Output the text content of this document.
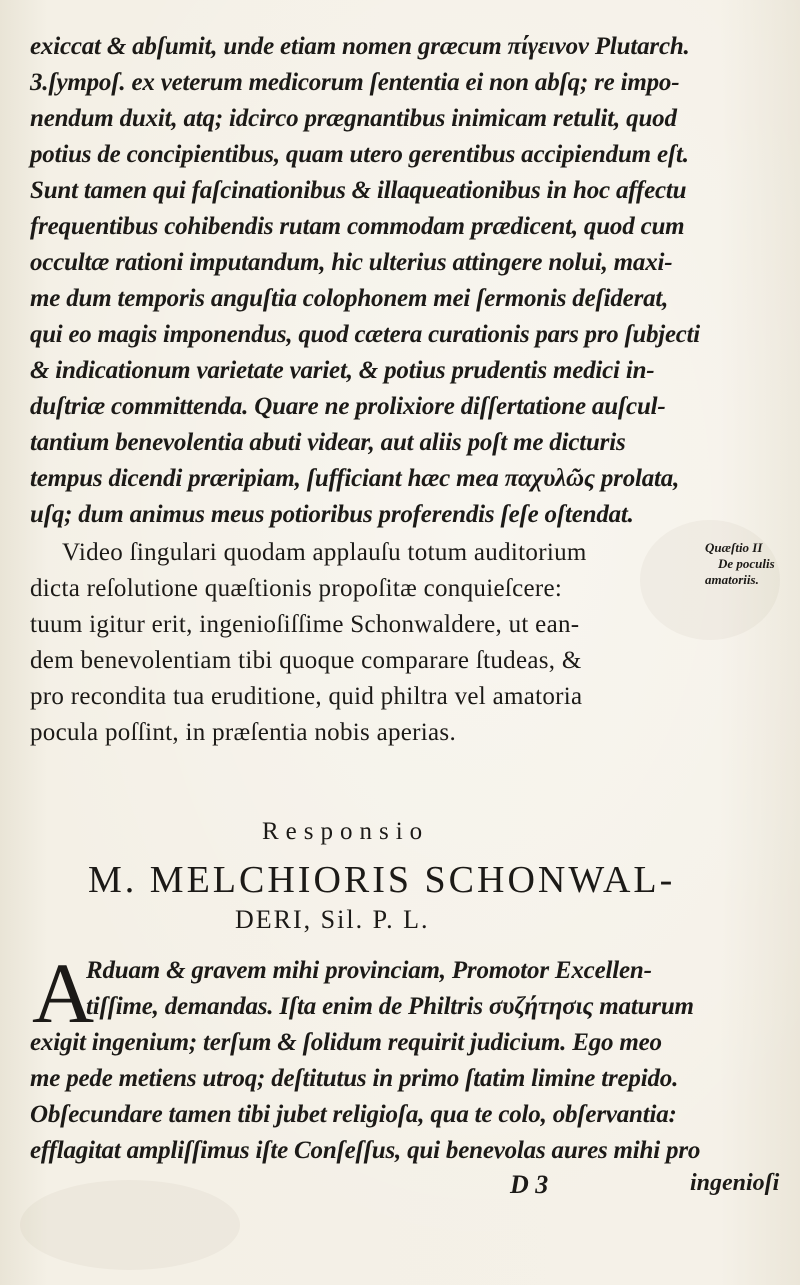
exiccat & abſumit, unde etiam nomen græcum πίγεινον Plutarch.
3.ſympoſ. ex veterum medicorum ſententia ei non abſq; re impo-
nendum duxit, atq; idcirco prægnantibus inimicam retulit, quod
potius de concipientibus, quam utero gerentibus accipiendum eſt.
Sunt tamen qui faſcinationibus & illaqueationibus in hoc affectu
frequentibus cohibendis rutam commodam prædicent, quod cum
occultæ rationi imputandum, hic ulterius attingere nolui, maxi-
me dum temporis anguſtia colophonem mei ſermonis deſiderat,
qui eo magis imponendus, quod cætera curationis pars pro ſubjecti
& indicationum varietate variet, & potius prudentis medici in-
duſtriæ committenda. Quare ne prolixiore diſſertatione auſcul-
tantium benevolentia abuti videar, aut aliis poſt me dicturis
tempus dicendi præripiam, ſufficiant hæc mea παχυλῶς prolata,
uſq; dum animus meus potioribus proferendis ſeſe oſtendat.
Video ſingulari quodam applauſu totum auditorium
dicta reſolutione quæſtionis propoſitæ conquieſcere:
tuum igitur erit, ingenioſiſſime Schonwaldere, ut ean-
dem benevolentiam tibi quoque comparare ſtudeas, &
pro recondita tua eruditione, quid philtra vel amatoria
pocula poſſint, in præſentia nobis aperias.
Quæſtio II
De poculis
amatoriis.
Responsio
M. MELCHIORIS SCHONWAL-
DERI, Sil. P. L.
A
Rduam & gravem mihi provinciam, Promotor Excellen-
tiſſime, demandas. Iſta enim de Philtris συζήτησις maturum
exigit ingenium; terſum & ſolidum requirit judicium. Ego meo
me pede metiens utroq; deſtitutus in primo ſtatim limine trepido.
Obſecundare tamen tibi jubet religioſa, qua te colo, obſervantia:
efflagitat ampliſſimus iſte Conſeſſus, qui benevolas aures mihi pro
D 3	ingenioſi
